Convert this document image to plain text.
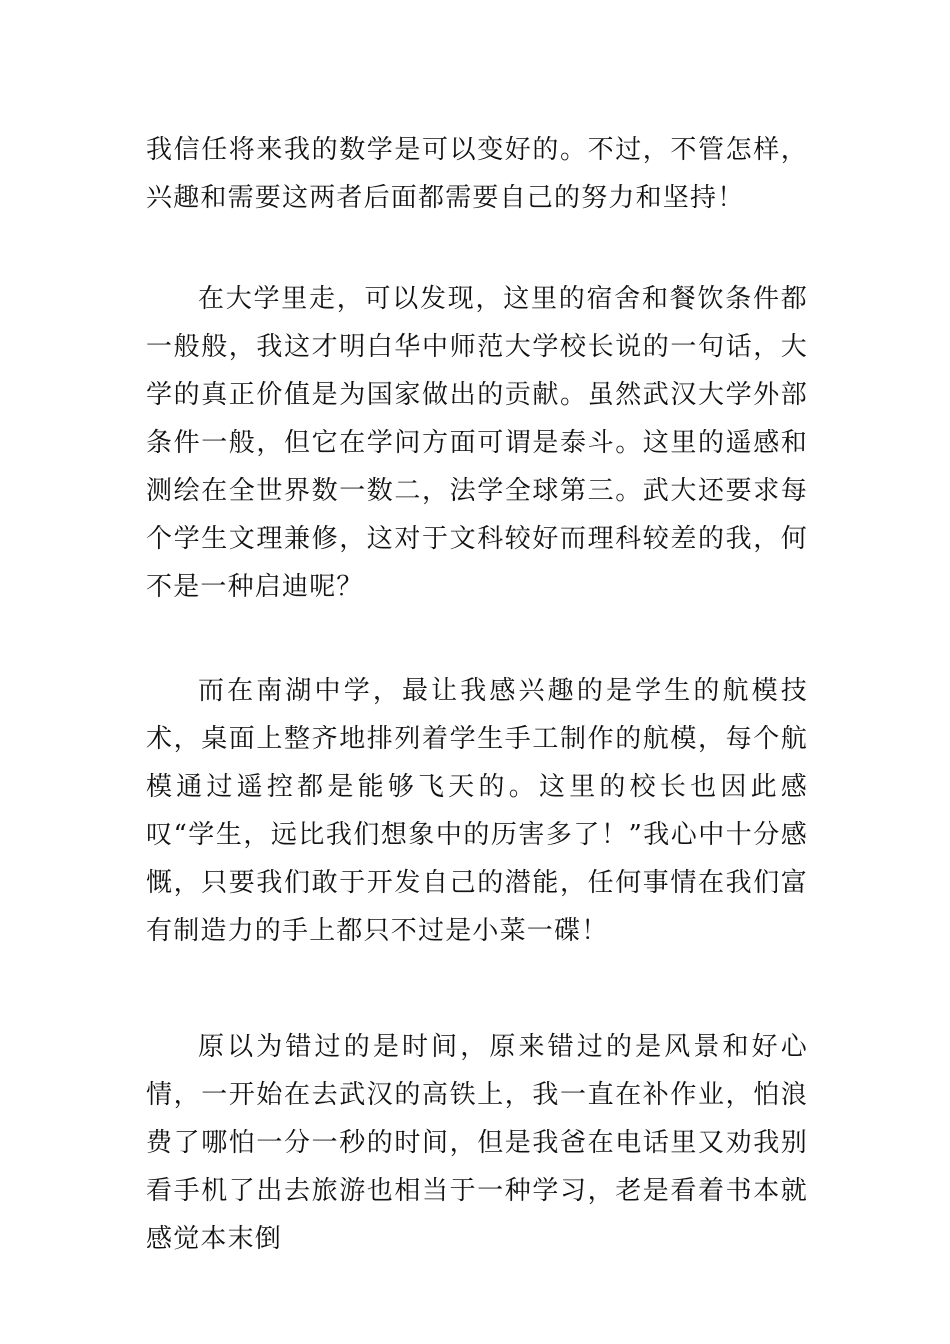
我信任将来我的数学是可以变好的。不过，不管怎样，兴趣和需要这两者后面都需要自己的努力和坚持！

在大学里走，可以发现，这里的宿舍和餐饮条件都一般般，我这才明白华中师范大学校长说的一句话，大学的真正价值是为国家做出的贡献。虽然武汉大学外部条件一般，但它在学问方面可谓是泰斗。这里的遥感和测绘在全世界数一数二，法学全球第三。武大还要求每个学生文理兼修，这对于文科较好而理科较差的我，何不是一种启迪呢？

而在南湖中学，最让我感兴趣的是学生的航模技术，桌面上整齐地排列着学生手工制作的航模，每个航模通过遥控都是能够飞天的。这里的校长也因此感叹“学生，远比我们想象中的历害多了！”我心中十分感慨，只要我们敢于开发自己的潜能，任何事情在我们富有制造力的手上都只不过是小菜一碟！

原以为错过的是时间，原来错过的是风景和好心情，一开始在去武汉的高铁上，我一直在补作业，怕浪费了哪怕一分一秒的时间，但是我爸在电话里又劝我别看手机了出去旅游也相当于一种学习，老是看着书本就感觉本末倒
